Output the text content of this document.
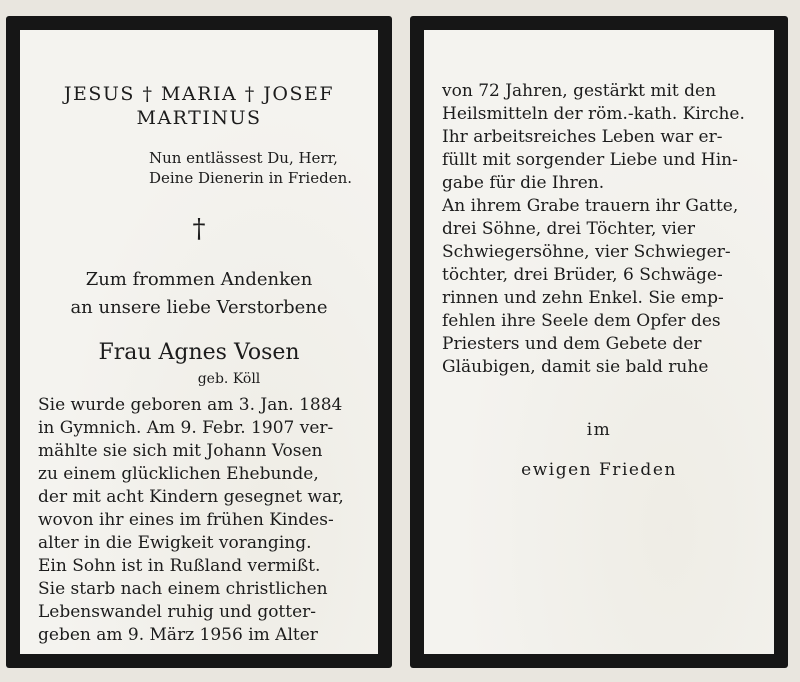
JESUS † MARIA † JOSEF
MARTINUS
Nun entlässest Du, Herr,
Deine Dienerin in Frieden.
†
Zum frommen Andenken
an unsere liebe Verstorbene
Frau Agnes Vosen
geb. Köll
Sie wurde geboren am 3. Jan. 1884
in Gymnich. Am 9. Febr. 1907 ver-
mählte sie sich mit Johann Vosen
zu einem glücklichen Ehebunde,
der mit acht Kindern gesegnet war,
wovon ihr eines im frühen Kindes-
alter in die Ewigkeit voranging.
Ein Sohn ist in Rußland vermißt.
Sie starb nach einem christlichen
Lebenswandel ruhig und gotter-
geben am 9. März 1956 im Alter
von 72 Jahren, gestärkt mit den
Heilsmitteln der röm.-kath. Kirche.
Ihr arbeitsreiches Leben war er-
füllt mit sorgender Liebe und Hin-
gabe für die Ihren.
An ihrem Grabe trauern ihr Gatte,
drei Söhne, drei Töchter, vier
Schwiegersöhne, vier Schwieger-
töchter, drei Brüder, 6 Schwäge-
rinnen und zehn Enkel. Sie emp-
fehlen ihre Seele dem Opfer des
Priesters und dem Gebete der
Gläubigen, damit sie bald ruhe
im
ewigen Frieden
